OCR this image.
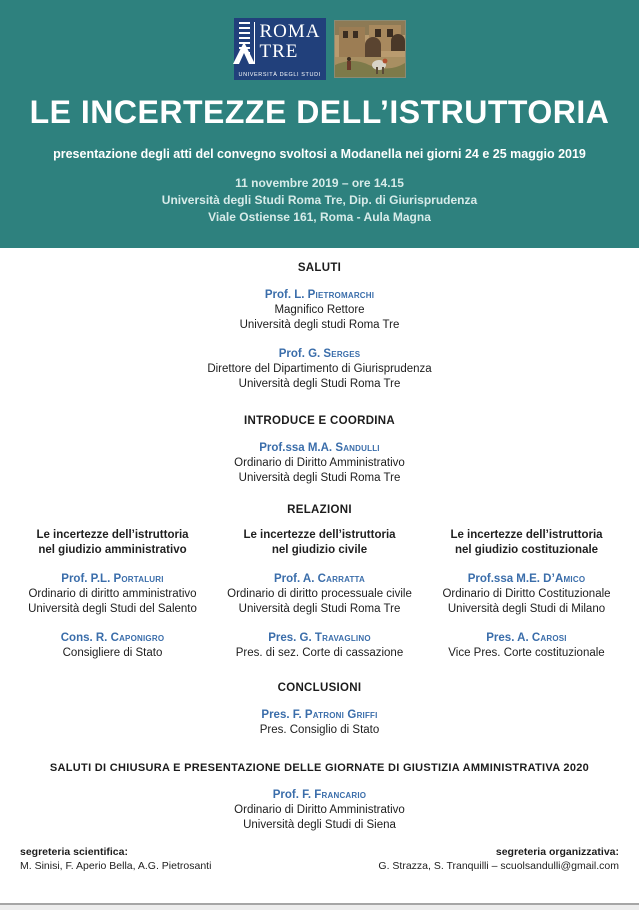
ROMA
TRE
UNIVERSITÀ DEGLI STUDI
LE INCERTEZZE DELL’ISTRUTTORIA
presentazione degli atti del convegno svoltosi a Modanella nei giorni 24 e 25 maggio 2019
11 novembre 2019 – ore 14.15
Università degli Studi Roma Tre, Dip. di Giurisprudenza
Viale Ostiense 161, Roma - Aula Magna
SALUTI
Prof. L. Pietromarchi
Magnifico Rettore
Università degli studi Roma Tre
Prof. G. Serges
Direttore del Dipartimento di Giurisprudenza
Università degli Studi Roma Tre
INTRODUCE E COORDINA
Prof.ssa M.A. Sandulli
Ordinario di Diritto Amministrativo
Università degli Studi Roma Tre
RELAZIONI
Le incertezze dell’istruttoria
nel giudizio amministrativo
Prof. P.L. Portaluri
Ordinario di diritto amministrativo
Università degli Studi del Salento
Cons. R. Caponigro
Consigliere di Stato
Le incertezze dell’istruttoria
nel giudizio civile
Prof. A. Carratta
Ordinario di diritto processuale civile
Università degli Studi Roma Tre
Pres. G. Travaglino
Pres. di sez. Corte di cassazione
Le incertezze dell’istruttoria
nel giudizio costituzionale
Prof.ssa M.E. D’Amico
Ordinario di Diritto Costituzionale
Università degli Studi di Milano
Pres. A. Carosi
Vice Pres. Corte costituzionale
CONCLUSIONI
Pres. F. Patroni Griffi
Pres. Consiglio di Stato
SALUTI DI CHIUSURA E PRESENTAZIONE DELLE GIORNATE DI GIUSTIZIA AMMINISTRATIVA 2020
Prof. F. Francario
Ordinario di Diritto Amministrativo
Università degli Studi di Siena
segreteria scientifica:
M. Sinisi, F. Aperio Bella, A.G. Pietrosanti
segreteria organizzativa:
G. Strazza, S. Tranquilli – scuolsandulli@gmail.com
